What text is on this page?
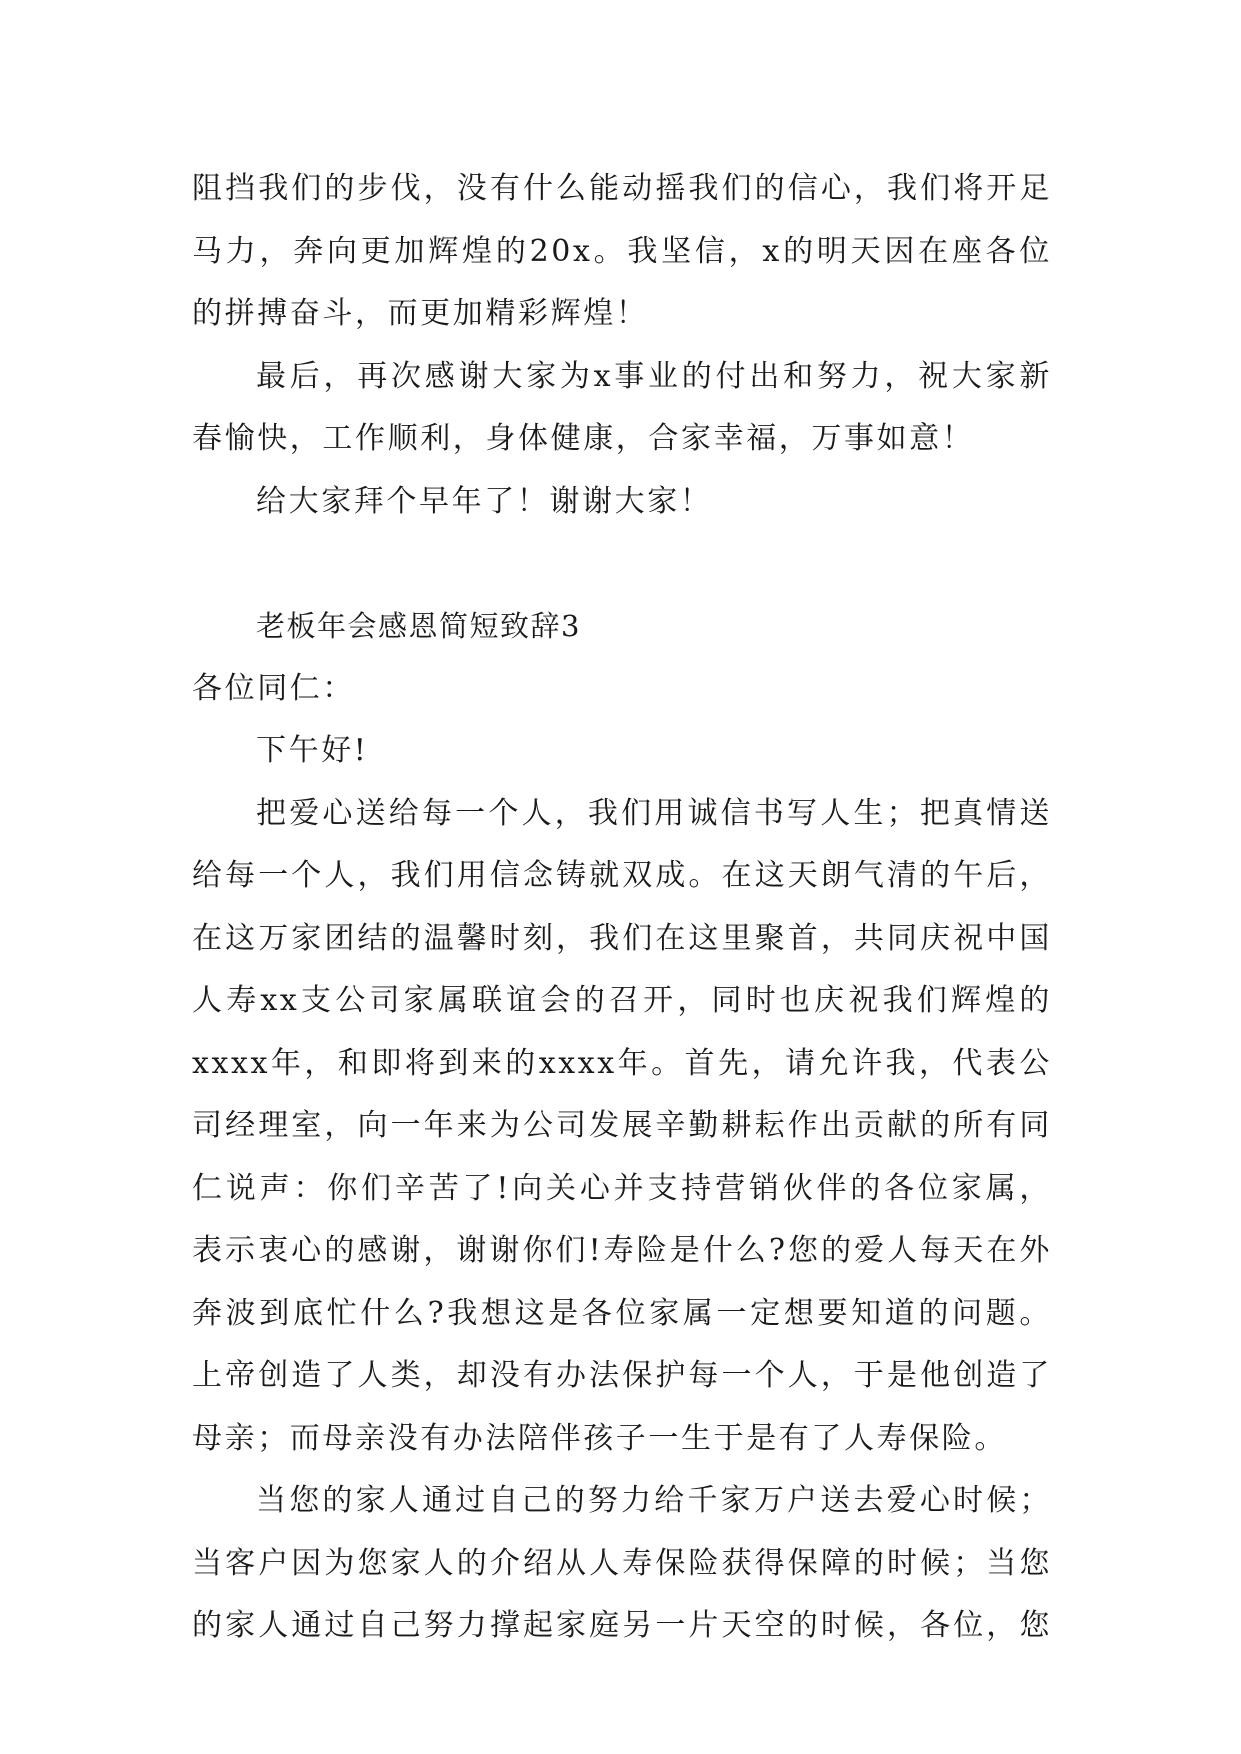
阻挡我们的步伐，没有什么能动摇我们的信心，我们将开足
马力，奔向更加辉煌的20x。我坚信，x的明天因在座各位
的拼搏奋斗，而更加精彩辉煌！
最后，再次感谢大家为x事业的付出和努力，祝大家新
春愉快，工作顺利，身体健康，合家幸福，万事如意！
给大家拜个早年了！谢谢大家！
老板年会感恩简短致辞3
各位同仁：
下午好!
把爱心送给每一个人，我们用诚信书写人生；把真情送
给每一个人，我们用信念铸就双成。在这天朗气清的午后，
在这万家团结的温馨时刻，我们在这里聚首，共同庆祝中国
人寿xx支公司家属联谊会的召开，同时也庆祝我们辉煌的
xxxx年，和即将到来的xxxx年。首先，请允许我，代表公
司经理室，向一年来为公司发展辛勤耕耘作出贡献的所有同
仁说声：你们辛苦了!向关心并支持营销伙伴的各位家属，
表示衷心的感谢，谢谢你们!寿险是什么?您的爱人每天在外
奔波到底忙什么?我想这是各位家属一定想要知道的问题。
上帝创造了人类，却没有办法保护每一个人，于是他创造了
母亲；而母亲没有办法陪伴孩子一生于是有了人寿保险。
当您的家人通过自己的努力给千家万户送去爱心时候；
当客户因为您家人的介绍从人寿保险获得保障的时候；当您
的家人通过自己努力撑起家庭另一片天空的时候，各位，您
